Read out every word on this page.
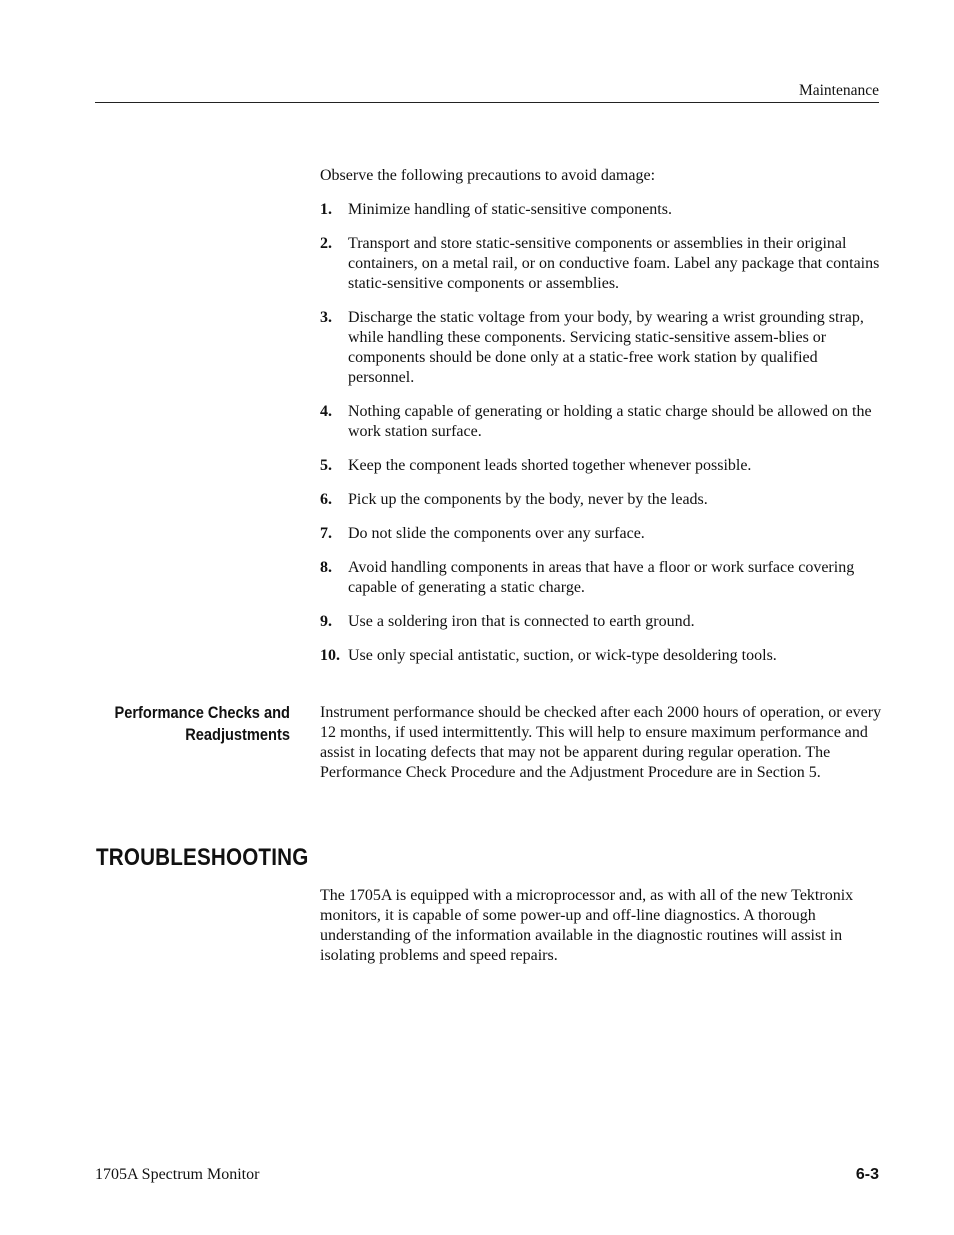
Maintenance
Observe the following precautions to avoid damage:
1. Minimize handling of static-sensitive components.
2. Transport and store static-sensitive components or assemblies in their original containers, on a metal rail, or on conductive foam. Label any package that contains static-sensitive components or assemblies.
3. Discharge the static voltage from your body, by wearing a wrist grounding strap, while handling these components. Servicing static-sensitive assem-blies or components should be done only at a static-free work station by qualified personnel.
4. Nothing capable of generating or holding a static charge should be allowed on the work station surface.
5. Keep the component leads shorted together whenever possible.
6. Pick up the components by the body, never by the leads.
7. Do not slide the components over any surface.
8. Avoid handling components in areas that have a floor or work surface covering capable of generating a static charge.
9. Use a soldering iron that is connected to earth ground.
10. Use only special antistatic, suction, or wick-type desoldering tools.
Performance Checks and
Readjustments
Instrument performance should be checked after each 2000 hours of operation, or every 12 months, if used intermittently. This will help to ensure maximum performance and assist in locating defects that may not be apparent during regular operation. The Performance Check Procedure and the Adjustment Procedure are in Section 5.
TROUBLESHOOTING
The 1705A is equipped with a microprocessor and, as with all of the new Tektronix monitors, it is capable of some power-up and off-line diagnostics. A thorough understanding of the information available in the diagnostic routines will assist in isolating problems and speed repairs.
1705A Spectrum Monitor	6-3
